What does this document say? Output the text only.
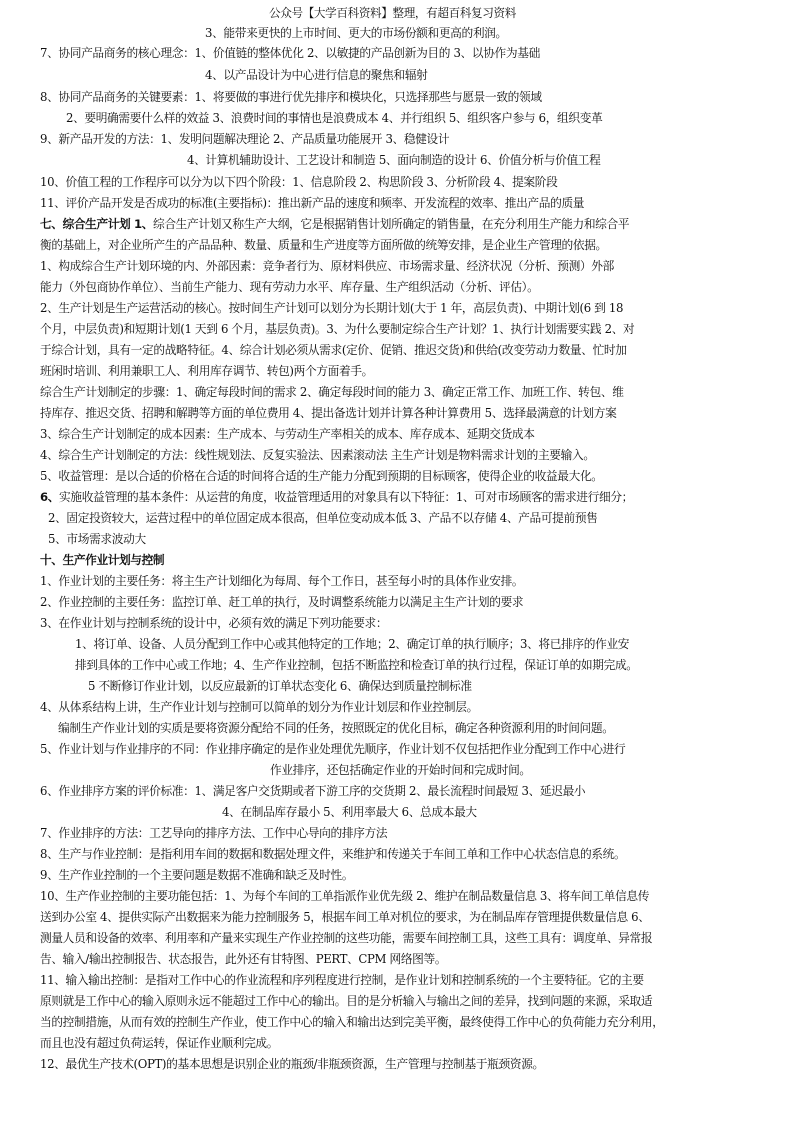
公众号【大学百科资料】整理，有超百科复习资料
3、能带来更快的上市时间、更大的市场份额和更高的利润。
7、协同产品商务的核心理念：1、价值链的整体优化 2、以敏捷的产品创新为目的 3、以协作为基础
4、以产品设计为中心进行信息的聚焦和辐射
8、协同产品商务的关键要素：1、将要做的事进行优先排序和模块化，只选择那些与愿景一致的领域
2、要明确需要什么样的效益 3、浪费时间的事情也是浪费成本 4、并行组织 5、组织客户参与 6，组织变革
9、新产品开发的方法：1、发明问题解决理论 2、产品质量功能展开 3、稳健设计
4、计算机辅助设计、工艺设计和制造 5、面向制造的设计 6、价值分析与价值工程
10、价值工程的工作程序可以分为以下四个阶段：1、信息阶段 2、构思阶段 3、分析阶段 4、提案阶段
11、评价产品开发是否成功的标准(主要指标)：推出新产品的速度和频率、开发流程的效率、推出产品的质量
七、综合生产计划 1、综合生产计划又称生产大纲，它是根据销售计划所确定的销售量，在充分利用生产能力和综合平
衡的基础上，对企业所产生的产品品种、数量、质量和生产进度等方面所做的统筹安排，是企业生产管理的依据。
1、构成综合生产计划环境的内、外部因素：竞争者行为、原材料供应、市场需求量、经济状况（分析、预测）外部
能力（外包商协作单位）、当前生产能力、现有劳动力水平、库存量、生产组织活动（分析、评估）。
2、生产计划是生产运营活动的核心。按时间生产计划可以划分为长期计划(大于 1 年，高层负责)、中期计划(6 到 18
个月，中层负责)和短期计划(1 天到 6 个月，基层负责)。3、为什么要制定综合生产计划？1、执行计划需要实践 2、对
于综合计划，具有一定的战略特征。4、综合计划必须从需求(定价、促销、推迟交货)和供给(改变劳动力数量、忙时加
班闲时培训、利用兼职工人、利用库存调节、转包)两个方面着手。
综合生产计划制定的步骤：1、确定每段时间的需求 2、确定每段时间的能力 3、确定正常工作、加班工作、转包、维
持库存、推迟交货、招聘和解聘等方面的单位费用 4、提出备选计划并计算各种计算费用 5、选择最满意的计划方案
3、综合生产计划制定的成本因素：生产成本、与劳动生产率相关的成本、库存成本、延期交货成本
4、综合生产计划制定的方法：线性规划法、反复实验法、因素滚动法 主生产计划是物料需求计划的主要输入。
5、收益管理：是以合适的价格在合适的时间将合适的生产能力分配到预期的目标顾客，使得企业的收益最大化。
6、实施收益管理的基本条件：从运营的角度，收益管理适用的对象具有以下特征：1、可对市场顾客的需求进行细分；
2、固定投资较大，运营过程中的单位固定成本很高，但单位变动成本低 3、产品不以存储 4、产品可提前预售
5、市场需求波动大
十、生产作业计划与控制
1、作业计划的主要任务：将主生产计划细化为每周、每个工作日，甚至每小时的具体作业安排。
2、作业控制的主要任务：监控订单、赶工单的执行，及时调整系统能力以满足主生产计划的要求
3、在作业计划与控制系统的设计中，必须有效的满足下列功能要求：
1、将订单、设备、人员分配到工作中心或其他特定的工作地；2、确定订单的执行顺序；3、将已排序的作业安
排到具体的工作中心或工作地；4、生产作业控制，包括不断监控和检查订单的执行过程，保证订单的如期完成。
5 不断修订作业计划，以反应最新的订单状态变化 6、确保达到质量控制标准
4、从体系结构上讲，生产作业计划与控制可以简单的划分为作业计划层和作业控制层。
编制生产作业计划的实质是要将资源分配给不同的任务，按照既定的优化目标，确定各种资源利用的时间问题。
5、作业计划与作业排序的不同：作业排序确定的是作业处理优先顺序，作业计划不仅包括把作业分配到工作中心进行
作业排序，还包括确定作业的开始时间和完成时间。
6、作业排序方案的评价标准：1、满足客户交货期或者下游工序的交货期 2、最长流程时间最短 3、延迟最小
4、在制品库存最小 5、利用率最大 6、总成本最大
7、作业排序的方法：工艺导向的排序方法、工作中心导向的排序方法
8、生产与作业控制：是指利用车间的数据和数据处理文件，来维护和传递关于车间工单和工作中心状态信息的系统。
9、生产作业控制的一个主要问题是数据不准确和缺乏及时性。
10、生产作业控制的主要功能包括：1、为每个车间的工单指派作业优先级 2、维护在制品数量信息 3、将车间工单信息传
送到办公室 4、提供实际产出数据来为能力控制服务 5，根据车间工单对机位的要求，为在制品库存管理提供数量信息 6、
测量人员和设备的效率、利用率和产量来实现生产作业控制的这些功能，需要车间控制工具，这些工具有：调度单、异常报
告、输入/输出控制报告、状态报告，此外还有甘特图、PERT、CPM 网络图等。
11、输入输出控制：是指对工作中心的作业流程和序列程度进行控制，是作业计划和控制系统的一个主要特征。它的主要
原则就是工作中心的输入原则永远不能超过工作中心的输出。目的是分析输入与输出之间的差异，找到问题的来源，采取适
当的控制措施，从而有效的控制生产作业，使工作中心的输入和输出达到完美平衡，最终使得工作中心的负荷能力充分利用，
而且也没有超过负荷运转，保证作业顺利完成。
12、最优生产技术(OPT)的基本思想是识别企业的瓶颈/非瓶颈资源，生产管理与控制基于瓶颈资源。
